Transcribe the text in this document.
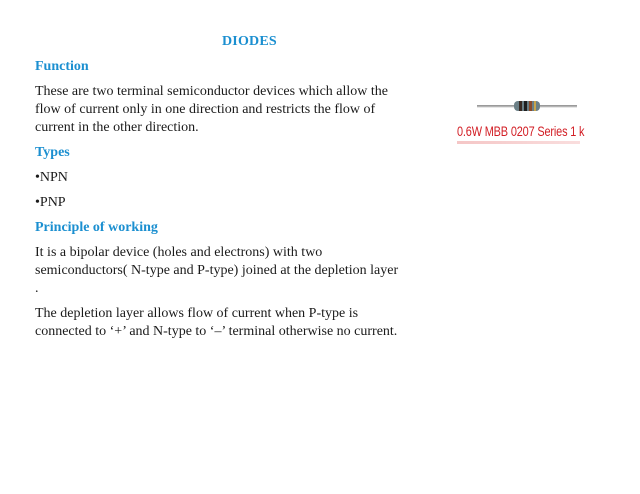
DIODES
Function
These are two terminal semiconductor devices which allow the flow of current only in one direction and restricts the flow of current in the other direction.
Types
•NPN
•PNP
Principle of working
It is a bipolar device (holes and electrons) with two semiconductors( N-type and P-type) joined at the depletion layer .
The depletion layer allows flow of current when P-type is connected to ‘+’ and N-type to ‘–’ terminal otherwise no current.
0.6W MBB 0207 Series 1 k
